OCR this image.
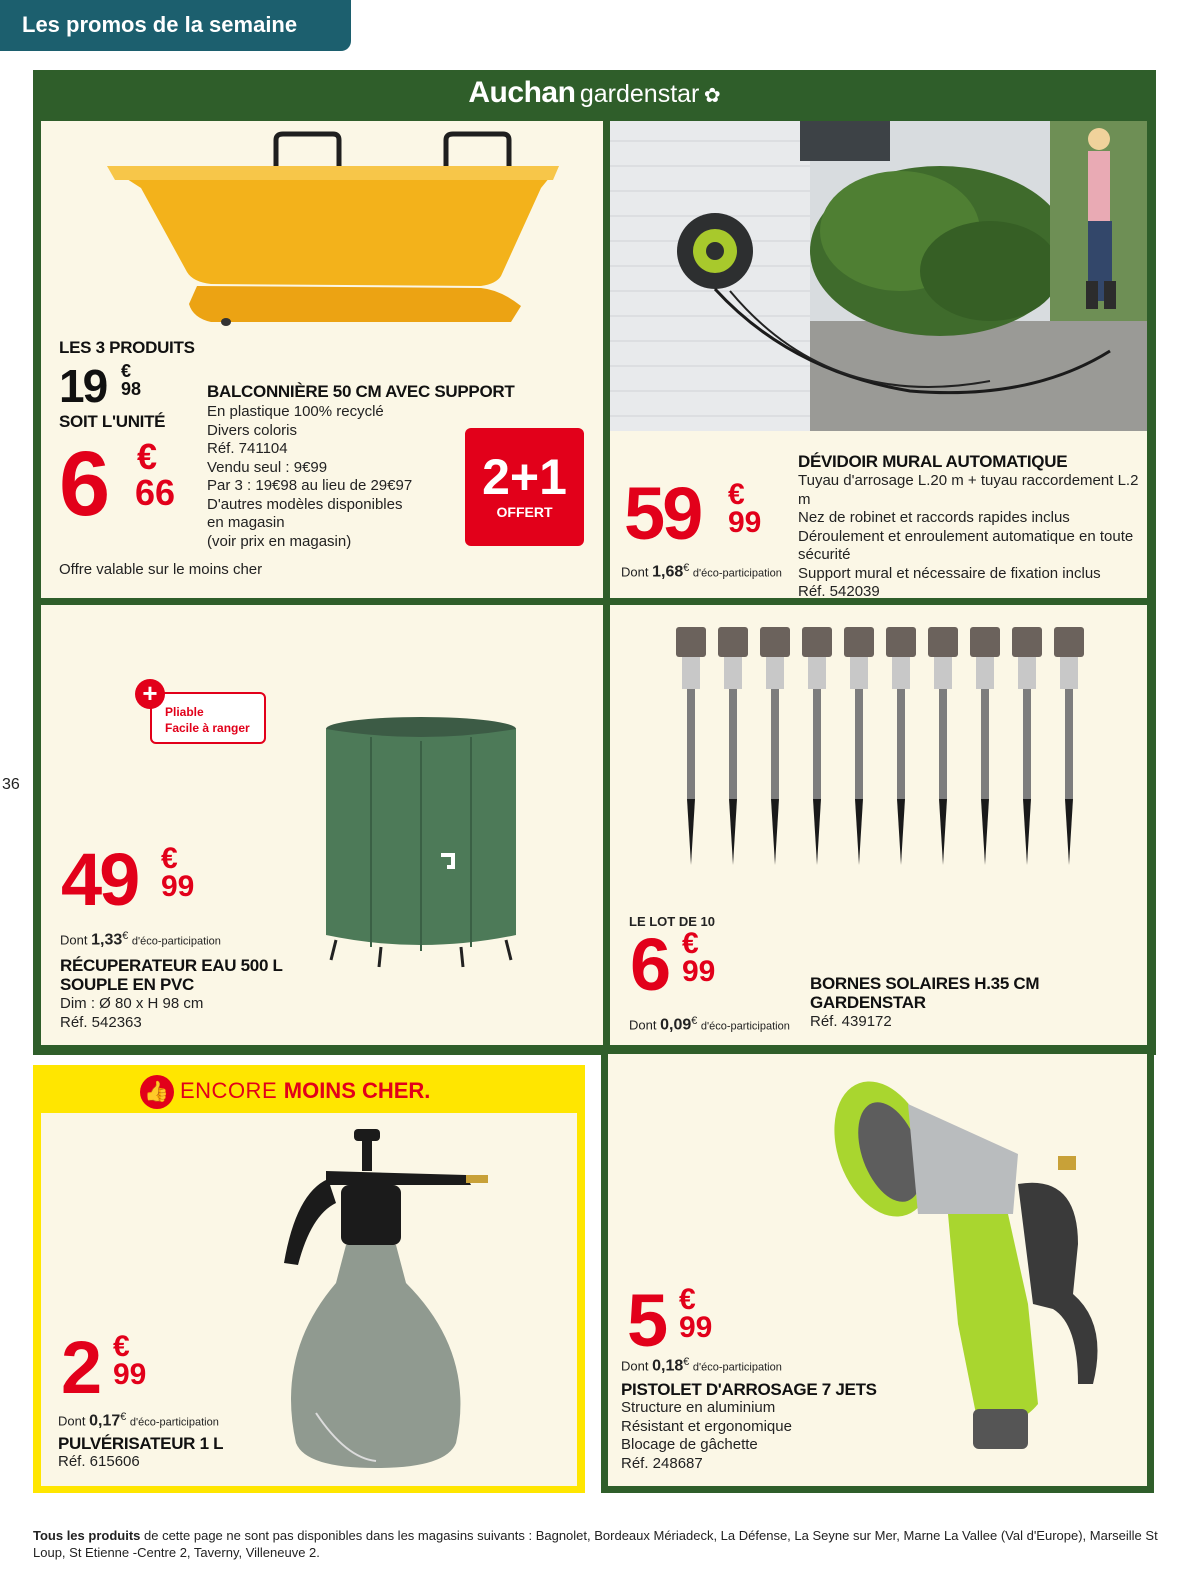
Les promos de la semaine
36
Auchan gardenstar ✿
LES 3 PRODUITS
19 €
98
SOIT L'UNITÉ
6 €
66
BALCONNIÈRE 50 CM AVEC SUPPORT
En plastique 100% recyclé
Divers coloris
Réf. 741104
Vendu seul : 9€99
Par 3 : 19€98 au lieu de 29€97
D'autres modèles disponibles
en magasin
(voir prix en magasin)
Offre valable sur le moins cher
2+1
OFFERT 59 €
99
Dont 1,68€ d'éco-participation
DÉVIDOIR MURAL AUTOMATIQUE
Tuyau d'arrosage L.20 m + tuyau raccordement L.2 m
Nez de robinet et raccords rapides inclus
Déroulement et enroulement automatique en toute
sécurité
Support mural et nécessaire de fixation inclus
Réf. 542039
49 €
99
Dont 1,33€ d'éco-participation
RÉCUPERATEUR EAU 500 L
SOUPLE EN PVC
Dim : Ø 80 x H 98 cm
Réf. 542363
Pliable
Facile à ranger
+
LE LOT DE 10
6 €
99
Dont 0,09€ d'éco-participation
BORNES SOLAIRES H.35 CM
GARDENSTAR
Réf. 439172
👍 ENCORE MOINS CHER.
2 €
99
Dont 0,17€ d'éco-participation
PULVÉRISATEUR 1 L
Réf. 615606
5 €
99
Dont 0,18€ d'éco-participation
PISTOLET D'ARROSAGE 7 JETS
Structure en aluminium
Résistant et ergonomique
Blocage de gâchette
Réf. 248687
Tous les produits de cette page ne sont pas disponibles dans les magasins suivants : Bagnolet, Bordeaux Mériadeck, La Défense, La Seyne sur Mer, Marne La Vallee (Val d'Europe), Marseille St Loup, St Etienne -Centre 2, Taverny, Villeneuve 2.
